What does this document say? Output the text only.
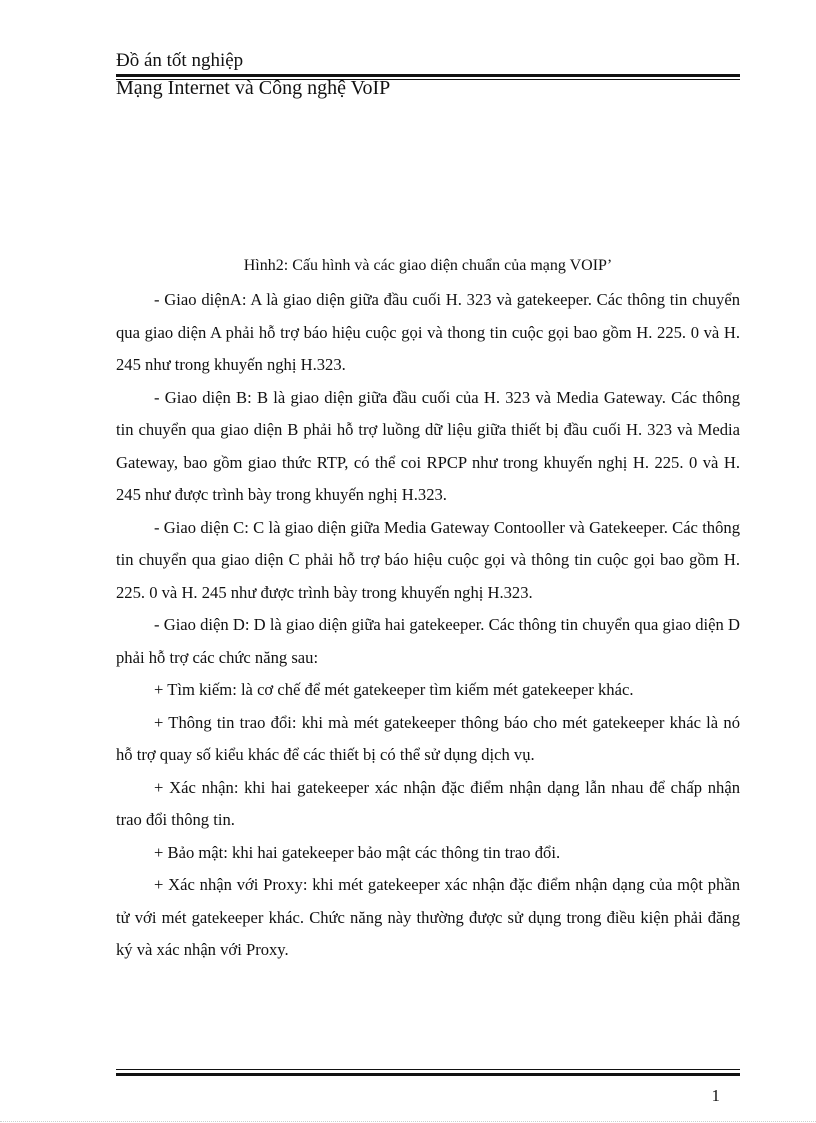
Đồ án tốt nghiệp
Mạng Internet và Công nghệ VoIP
Hình2: Cấu hình và các giao diện chuẩn của mạng VOIP’

- Giao diệnA: A là giao diện giữa đầu cuối H. 323 và gatekeeper. Các thông tin chuyển qua giao diện A phải hỗ trợ báo hiệu cuộc gọi và thong tin cuộc gọi bao gồm H. 225. 0 và H. 245 như trong khuyến nghị H.323.

- Giao diện B: B là giao diện giữa đầu cuối của H. 323 và Media Gateway. Các thông tin chuyển qua giao diện B phải hỗ trợ luồng dữ liệu giữa thiết bị đầu cuối H. 323 và Media Gateway, bao gồm giao thức RTP, có thể coi RPCP như trong khuyến nghị H. 225. 0 và H. 245 như được trình bày trong khuyến nghị H.323.

- Giao diện C: C là giao diện giữa Media Gateway Contooller và Gatekeeper. Các thông tin chuyển qua giao diện C phải hỗ trợ báo hiệu cuộc gọi và thông tin cuộc gọi bao gồm H. 225. 0 và H. 245 như được trình bày trong khuyến nghị H.323.

- Giao diện D: D là giao diện giữa hai gatekeeper. Các thông tin chuyển qua giao diện D phải hỗ trợ các chức năng sau:

+ Tìm kiếm: là cơ chế để mét gatekeeper tìm kiếm mét gatekeeper khác.

+ Thông tin trao đổi: khi mà mét gatekeeper thông báo cho mét gatekeeper khác là nó hỗ trợ quay số kiểu khác để các thiết bị có thể sử dụng dịch vụ.

+ Xác nhận: khi hai gatekeeper xác nhận đặc điểm nhận dạng lẫn nhau để chấp nhận trao đổi thông tin.

+ Bảo mật: khi hai gatekeeper bảo mật các thông tin trao đổi.

+ Xác nhận với Proxy: khi mét gatekeeper xác nhận đặc điểm nhận dạng của một phần tử với mét gatekeeper khác. Chức năng này thường được sử dụng trong điều kiện phải đăng ký và xác nhận với Proxy.

1
